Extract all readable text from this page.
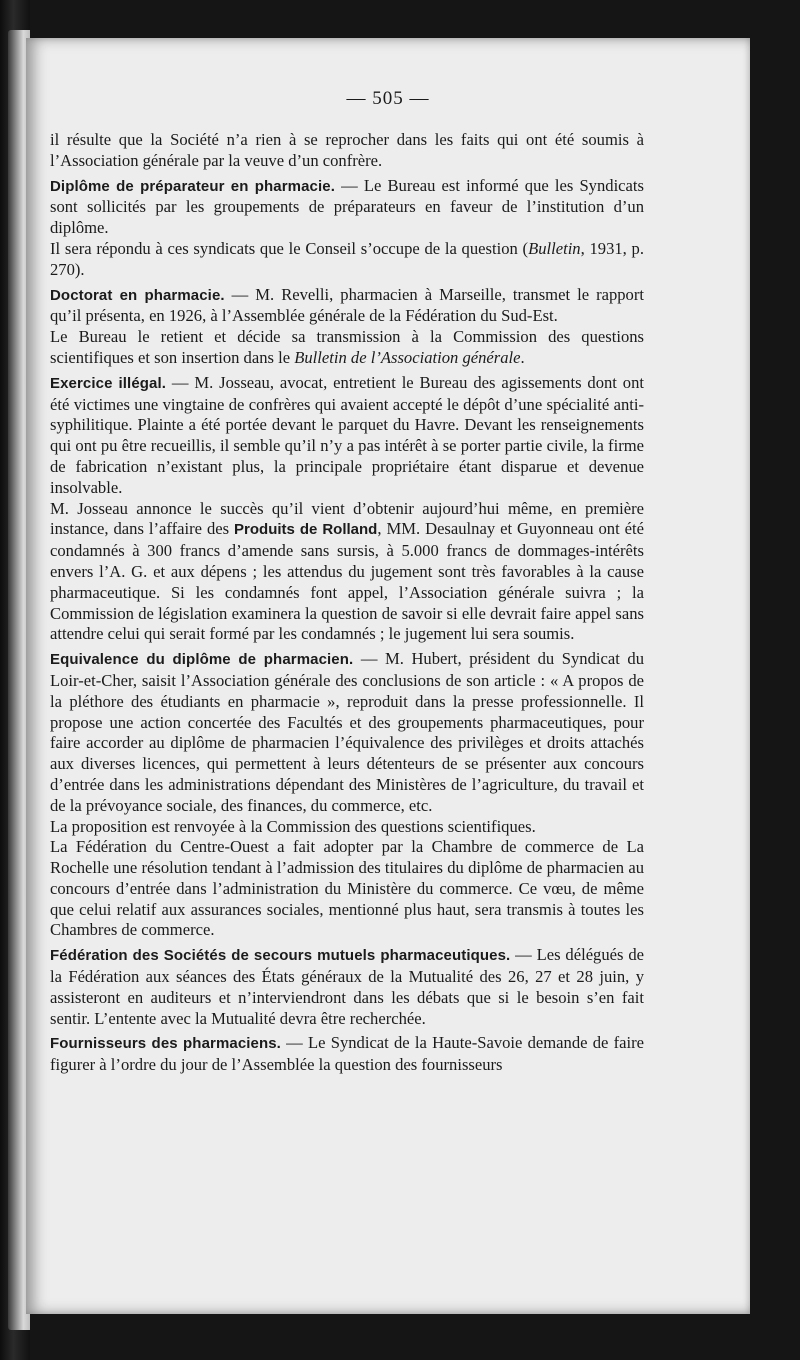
— 505 —

il résulte que la Société n’a rien à se reprocher dans les faits qui ont été soumis à l’Association générale par la veuve d’un confrère.

Diplôme de préparateur en pharmacie. — Le Bureau est informé que les Syndicats sont sollicités par les groupements de préparateurs en faveur de l’institution d’un diplôme.

Il sera répondu à ces syndicats que le Conseil s’occupe de la question (Bulletin, 1931, p. 270).

Doctorat en pharmacie. — M. Revelli, pharmacien à Marseille, transmet le rapport qu’il présenta, en 1926, à l’Assemblée générale de la Fédération du Sud-Est.

Le Bureau le retient et décide sa transmission à la Commission des questions scientifiques et son insertion dans le Bulletin de l’Association générale.

Exercice illégal. — M. Josseau, avocat, entretient le Bureau des agissements dont ont été victimes une vingtaine de confrères qui avaient accepté le dépôt d’une spécialité anti-syphilitique. Plainte a été portée devant le parquet du Havre. Devant les renseignements qui ont pu être recueillis, il semble qu’il n’y a pas intérêt à se porter partie civile, la firme de fabrication n’existant plus, la principale propriétaire étant disparue et devenue insolvable.

M. Josseau annonce le succès qu’il vient d’obtenir aujourd’hui même, en première instance, dans l’affaire des Produits de Rolland, MM. Desaulnay et Guyonneau ont été condamnés à 300 francs d’amende sans sursis, à 5.000 francs de dommages-intérêts envers l’A. G. et aux dépens ; les attendus du jugement sont très favorables à la cause pharmaceutique. Si les condamnés font appel, l’Association générale suivra ; la Commission de législation examinera la question de savoir si elle devrait faire appel sans attendre celui qui serait formé par les condamnés ; le jugement lui sera soumis.

Equivalence du diplôme de pharmacien. — M. Hubert, président du Syndicat du Loir-et-Cher, saisit l’Association générale des conclusions de son article : « A propos de la pléthore des étudiants en pharmacie », reproduit dans la presse professionnelle. Il propose une action concertée des Facultés et des groupements pharmaceutiques, pour faire accorder au diplôme de pharmacien l’équivalence des privilèges et droits attachés aux diverses licences, qui permettent à leurs détenteurs de se présenter aux concours d’entrée dans les administrations dépendant des Ministères de l’agriculture, du travail et de la prévoyance sociale, des finances, du commerce, etc.

La proposition est renvoyée à la Commission des questions scientifiques.

La Fédération du Centre-Ouest a fait adopter par la Chambre de commerce de La Rochelle une résolution tendant à l’admission des titulaires du diplôme de pharmacien au concours d’entrée dans l’administration du Ministère du commerce. Ce vœu, de même que celui relatif aux assurances sociales, mentionné plus haut, sera transmis à toutes les Chambres de commerce.

Fédération des Sociétés de secours mutuels pharmaceutiques. — Les délégués de la Fédération aux séances des États généraux de la Mutualité des 26, 27 et 28 juin, y assisteront en auditeurs et n’interviendront dans les débats que si le besoin s’en fait sentir. L’entente avec la Mutualité devra être recherchée.

Fournisseurs des pharmaciens. — Le Syndicat de la Haute-Savoie demande de faire figurer à l’ordre du jour de l’Assemblée la question des fournisseurs
